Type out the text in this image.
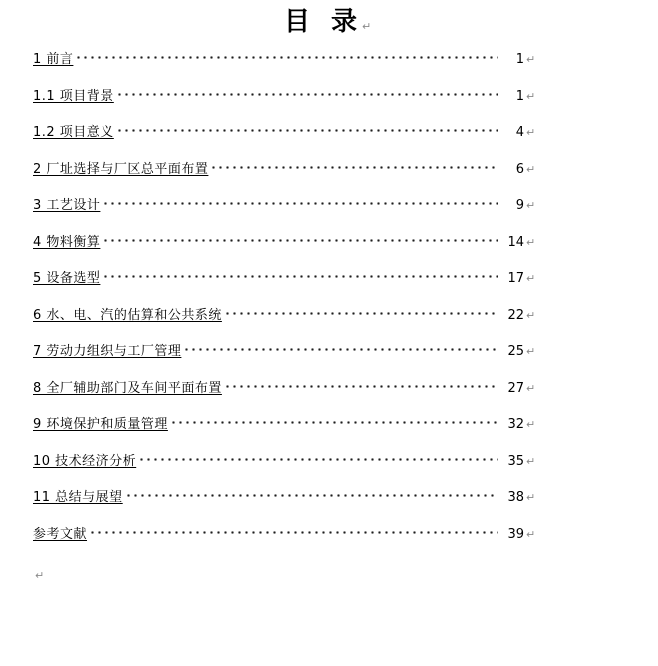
目 录 ↵
1 前言	1 ↵
1.1 项目背景	1 ↵
1.2 项目意义	4 ↵
2 厂址选择与厂区总平面布置	6 ↵
3 工艺设计	9 ↵
4 物料衡算	14 ↵
5 设备选型	17 ↵
6 水、电、汽的估算和公共系统	22 ↵
7 劳动力组织与工厂管理	25 ↵
8 全厂辅助部门及车间平面布置	27 ↵
9 环境保护和质量管理	32 ↵
10 技术经济分析	35 ↵
11 总结与展望	38 ↵
参考文献	39 ↵
↵
